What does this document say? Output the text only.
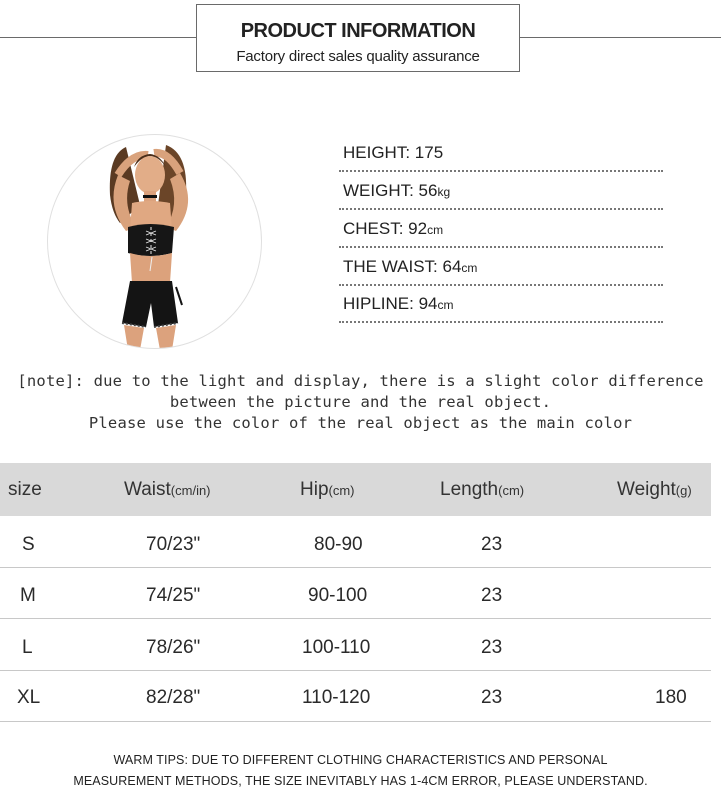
PRODUCT INFORMATION
Factory direct sales quality assurance
HEIGHT: 175
WEIGHT: 56kg
CHEST: 92cm
THE WAIST: 64cm
HIPLINE: 94cm
[note]: due to the light and display, there is a slight color difference
between the picture and the real object.
Please use the color of the real object as the main color
size	Waist(cm/in)	Hip(cm)	Length(cm)	Weight(g)
S	70/23"	80-90	23
M	74/25"	90-100	23
L	78/26"	100-110	23
XL	82/28"	110-120	23	180
WARM TIPS: DUE TO DIFFERENT CLOTHING CHARACTERISTICS AND PERSONAL
MEASUREMENT METHODS, THE SIZE INEVITABLY HAS 1-4CM ERROR, PLEASE UNDERSTAND.
